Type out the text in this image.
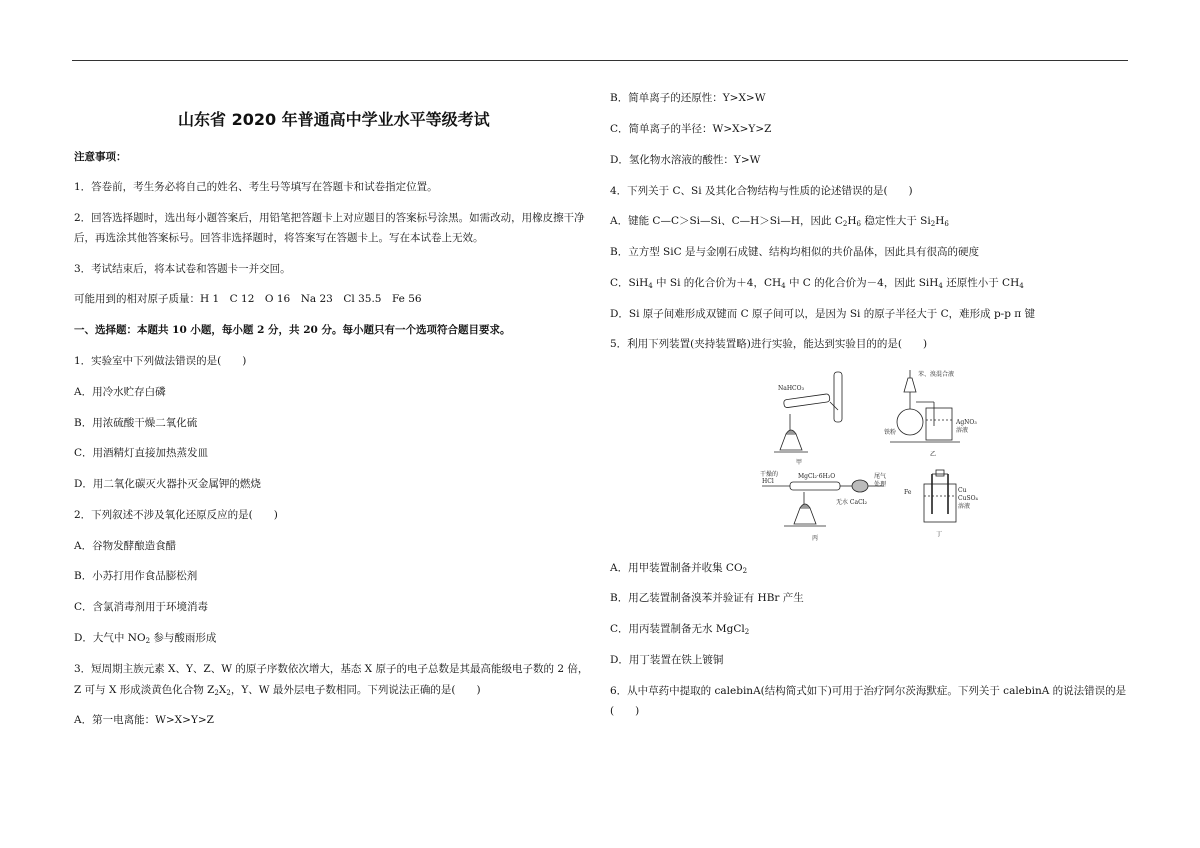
山东省 2020 年普通高中学业水平等级考试
注意事项：
1．答卷前，考生务必将自己的姓名、考生号等填写在答题卡和试卷指定位置。
2．回答选择题时，选出每小题答案后，用铅笔把答题卡上对应题目的答案标号涂黑。如需改动，用橡皮擦干净
后，再选涂其他答案标号。回答非选择题时，将答案写在答题卡上。写在本试卷上无效。
3．考试结束后，将本试卷和答题卡一并交回。
可能用到的相对原子质量：H 1　C 12　O 16　Na 23　Cl 35.5　Fe 56
一、选择题：本题共 10 小题，每小题 2 分，共 20 分。每小题只有一个选项符合题目要求。
1．实验室中下列做法错误的是(　　)
A．用冷水贮存白磷
B．用浓硫酸干燥二氧化硫
C．用酒精灯直接加热蒸发皿
D．用二氧化碳灭火器扑灭金属钾的燃烧
2．下列叙述不涉及氧化还原反应的是(　　)
A．谷物发酵酿造食醋
B．小苏打用作食品膨松剂
C．含氯消毒剂用于环境消毒
D．大气中 $NO_2$ 参与酸雨形成
3．短周期主族元素 X、Y、Z、W 的原子序数依次增大，基态 X 原子的电子总数是其最高能级电子数的 2 倍，
Z 可与 X 形成淡黄色化合物 $Z_2X_2$，Y、W 最外层电子数相同。下列说法正确的是(　　)
A．第一电离能：W>X>Y>Z
B．简单离子的还原性：Y>X>W
C．简单离子的半径：W>X>Y>Z
D．氢化物水溶液的酸性：Y>W
4．下列关于 C、Si 及其化合物结构与性质的论述错误的是(　　)
A．键能 C—C＞Si—Si、C—H＞Si—H，因此 $C_2H_6$ 稳定性大于 $Si_2H_6$
B．立方型 SiC 是与金刚石成键、结构均相似的共价晶体，因此具有很高的硬度
C．SiH$_4$ 中 Si 的化合价为＋4，$CH_4$ 中 C 的化合价为－4，因此 SiH$_4$ 还原性小于 $CH_4$
D．Si 原子间难形成双键而 C 原子间可以，是因为 Si 的原子半径大于 C，难形成 p-p π 键
5．利用下列装置(夹持装置略)进行实验，能达到实验目的的是(　　)
A．用甲装置制备并收集 $CO_2$
B．用乙装置制备溴苯并验证有 HBr 产生
C．用丙装置制备无水 MgCl$_2$
D．用丁装置在铁上镀铜
6．从中草药中提取的 calebinA(结构简式如下)可用于治疗阿尔茨海默症。下列关于 calebinA 的说法错误的是
(　　)
NaHCO₃
甲
苯、溴混合液
铁粉
AgNO₃
溶液
乙
干燥的
HCl
MgCl₂·6H₂O	尾气
处理
无水 CaCl₂
丙
Fe	Cu
CuSO₄
溶液
丁
